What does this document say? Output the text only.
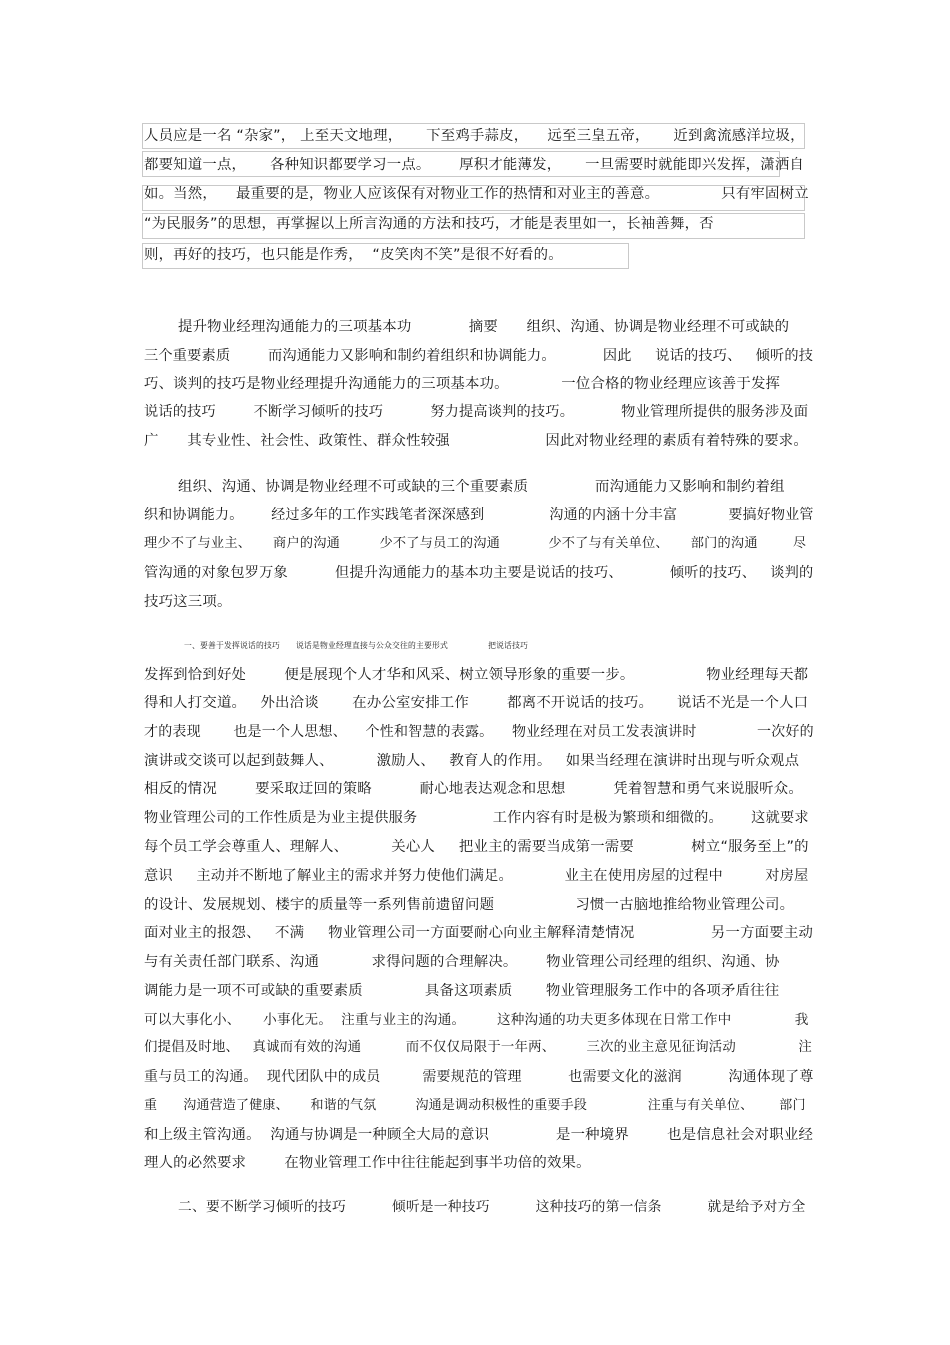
人员应是一名 “杂家”， 上至天文地理，     下至鸡手蒜皮，    远至三皇五帝，     近到禽流感洋垃圾，
都要知道一点，     各种知识都要学习一点。      厚积才能薄发，     一旦需要时就能即兴发挥，潇洒自
如。当然，    最重要的是，物业人应该保有对物业工作的热情和对业主的善意。             只有牢固树立
“为民服务”的思想，再掌握以上所言沟通的方法和技巧，才能是表里如一，长袖善舞，否
则，再好的技巧，也只能是作秀，  “皮笑肉不笑”是很不好看的。
提升物业经理沟通能力的三项基本功            摘要      组织、沟通、协调是物业经理不可或缺的
三个重要素质        而沟通能力又影响和制约着组织和协调能力。          因此     说话的技巧、   倾听的技
巧、谈判的技巧是物业经理提升沟通能力的三项基本功。           一位合格的物业经理应该善于发挥
说话的技巧        不断学习倾听的技巧          努力提高谈判的技巧。          物业管理所提供的服务涉及面
广      其专业性、社会性、政策性、群众性较强                    因此对物业经理的素质有着特殊的要求。
组织、沟通、协调是物业经理不可或缺的三个重要素质              而沟通能力又影响和制约着组
织和协调能力。      经过多年的工作实践笔者深深感到              沟通的内涵十分丰富           要搞好物业管
理少不了与业主、     商户的沟通         少不了与员工的沟通           少不了与有关单位、     部门的沟通        尽
管沟通的对象包罗万象          但提升沟通能力的基本功主要是说话的技巧、          倾听的技巧、   谈判的
技巧这三项。
一、要善于发挥说话的技巧      说话是物业经理直接与公众交往的主要形式               把说话技巧
发挥到恰到好处        便是展现个人才华和风采、树立领导形象的重要一步。               物业经理每天都
得和人打交道。   外出洽谈       在办公室安排工作        都离不开说话的技巧。     说话不光是一个人口
才的表现       也是一个人思想、    个性和智慧的表露。    物业经理在对员工发表演讲时             一次好的
演讲或交谈可以起到鼓舞人、         激励人、   教育人的作用。   如果当经理在演讲时出现与听众观点
相反的情况        要采取迂回的策略          耐心地表达观念和思想          凭着智慧和勇气来说服听众。
物业管理公司的工作性质是为业主提供服务                工作内容有时是极为繁琐和细微的。      这就要求
每个员工学会尊重人、理解人、         关心人     把业主的需要当成第一需要            树立“服务至上”的
意识     主动并不断地了解业主的需求并努力使他们满足。           业主在使用房屋的过程中         对房屋
的设计、发展规划、楼宇的质量等一系列售前遗留问题                 习惯一古脑地推给物业管理公司。
面对业主的报怨、   不满     物业管理公司一方面要耐心向业主解释清楚情况                另一方面要主动
与有关责任部门联系、沟通           求得问题的合理解决。      物业管理公司经理的组织、沟通、协
调能力是一项不可或缺的重要素质             具备这项素质       物业管理服务工作中的各项矛盾往往
可以大事化小、     小事化无。  注重与业主的沟通。       这种沟通的功夫更多体现在日常工作中              我
们提倡及时地、   真诚而有效的沟通          而不仅仅局限于一年两、       三次的业主意见征询活动              注
重与员工的沟通。  现代团队中的成员         需要规范的管理          也需要文化的滋润          沟通体现了尊
重      沟通营造了健康、     和谐的气氛         沟通是调动积极性的重要手段              注重与有关单位、      部门
和上级主管沟通。  沟通与协调是一种顾全大局的意识              是一种境界        也是信息社会对职业经
理人的必然要求        在物业管理工作中往往能起到事半功倍的效果。
二、要不断学习倾听的技巧          倾听是一种技巧          这种技巧的第一信条          就是给予对方全
